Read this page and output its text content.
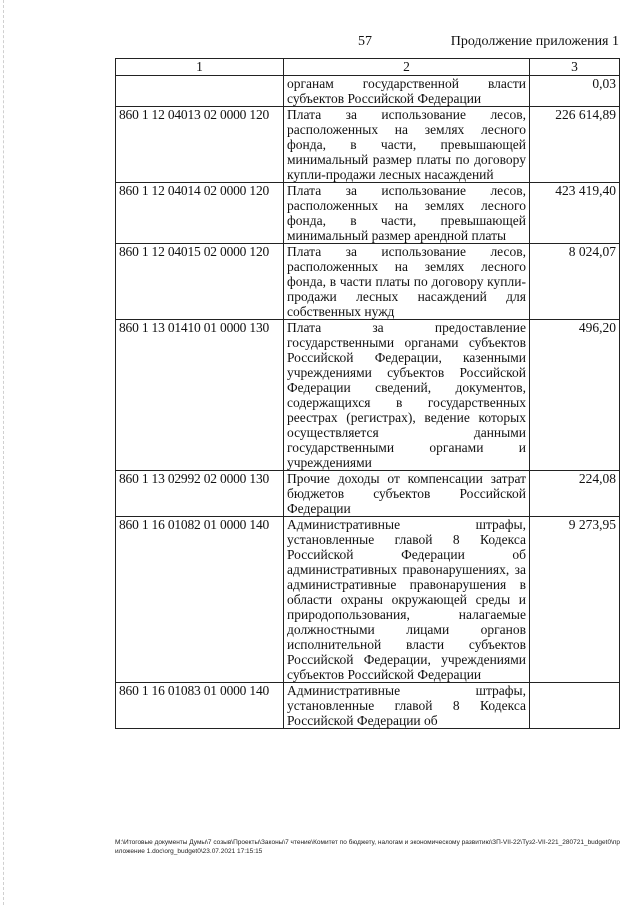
57	Продолжение приложения 1
1	2	3
	органам государственной власти субъектов Российской Федерации	0,03
860 1 12 04013 02 0000 120	Плата за использование лесов, расположенных на землях лесного фонда, в части, превышающей минимальный размер платы по договору купли-продажи лесных насаждений	226 614,89
860 1 12 04014 02 0000 120	Плата за использование лесов, расположенных на землях лесного фонда, в части, превышающей минимальный размер арендной платы	423 419,40
860 1 12 04015 02 0000 120	Плата за использование лесов, расположенных на землях лесного фонда, в части платы по договору купли-продажи лесных насаждений для собственных нужд	8 024,07
860 1 13 01410 01 0000 130	Плата за предоставление государственными органами субъектов Российской Федерации, казенными учреждениями субъектов Российской Федерации сведений, документов, содержащихся в государственных реестрах (регистрах), ведение которых осуществляется данными государственными органами и учреждениями	496,20
860 1 13 02992 02 0000 130	Прочие доходы от компенсации затрат бюджетов субъектов Российской Федерации	224,08
860 1 16 01082 01 0000 140	Административные штрафы, установленные главой 8 Кодекса Российской Федерации об административных правонарушениях, за административные правонарушения в области охраны окружающей среды и природопользования, налагаемые должностными лицами органов исполнительной власти субъектов Российской Федерации, учреждениями субъектов Российской Федерации	9 273,95
860 1 16 01083 01 0000 140	Административные штрафы, установленные главой 8 Кодекса Российской Федерации об	
M:\Итоговые документы Думы\7 созыв\Проекты\Законы\7 чтение\Комитет по бюджету, налогам и экономическому развитию\ЗП-VII-22\Туз2-VII-221_280721_budget0\приложение 1.doc\org_budget0\23.07.2021 17:15:15
